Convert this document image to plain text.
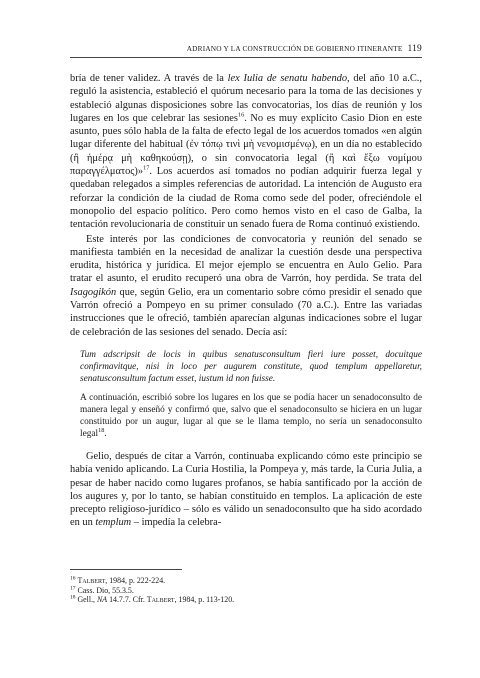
ADRIANO Y LA CONSTRUCCIÓN DE GOBIERNO ITINERANTE 119

bría de tener validez. A través de la lex Iulia de senatu habendo, del año 10 a.C., reguló la asistencia, estableció el quórum necesario para la toma de las decisiones y estableció algunas disposiciones sobre las convocatorias, los días de reunión y los lugares en los que celebrar las sesiones$^{16}$. No es muy explícito Casio Dion en este asunto, pues sólo habla de la falta de efecto legal de los acuerdos tomados «en algún lugar diferente del habitual (ἐν τόπῳ τινὶ μὴ νενομισμένῳ), en un día no establecido (ἢ ἡμέρᾳ μὴ καθηκούσῃ), o sin convocatoria legal (ἢ καὶ ἔξω νομίμου παραγγέλματος)»$^{17}$. Los acuerdos así tomados no podían adquirir fuerza legal y quedaban relegados a simples referencias de autoridad. La intención de Augusto era reforzar la condición de la ciudad de Roma como sede del poder, ofreciéndole el monopolio del espacio político. Pero como hemos visto en el caso de Galba, la tentación revolucionaria de constituir un senado fuera de Roma continuó existiendo.

Este interés por las condiciones de convocatoria y reunión del senado se manifiesta también en la necesidad de analizar la cuestión desde una perspectiva erudita, histórica y jurídica. El mejor ejemplo se encuentra en Aulo Gelio. Para tratar el asunto, el erudito recuperó una obra de Varrón, hoy perdida. Se trata del Isagogikón que, según Gelio, era un comentario sobre cómo presidir el senado que Varrón ofreció a Pompeyo en su primer consulado (70 a.C.). Entre las variadas instrucciones que le ofreció, también aparecían algunas indicaciones sobre el lugar de celebración de las sesiones del senado. Decía así:

Tum adscripsit de locis in quibus senatusconsultum fieri iure posset, docuitque confirmavitque, nisi in loco per augurem constitute, quod templum appellaretur, senatusconsultum factum esset, iustum id non fuisse.

A continuación, escribió sobre los lugares en los que se podía hacer un senadoconsulto de manera legal y enseñó y confirmó que, salvo que el senadoconsulto se hiciera en un lugar constituido por un augur, lugar al que se le llama templo, no sería un senadoconsulto legal$^{18}$.

Gelio, después de citar a Varrón, continuaba explicando cómo este principio se había venido aplicando. La Curia Hostilia, la Pompeya y, más tarde, la Curia Julia, a pesar de haber nacido como lugares profanos, se había santificado por la acción de los augures y, por lo tanto, se habían constituido en templos. La aplicación de este precepto religioso-jurídico – sólo es válido un senadoconsulto que ha sido acordado en un templum – impedía la celebra-

$^{16}$ Talbert, 1984, p. 222-224.

$^{17}$ Cass. Dio, 55.3.5.

$^{18}$ Gell., NA 14.7.7. Cfr. Talbert, 1984, p. 113-120.
